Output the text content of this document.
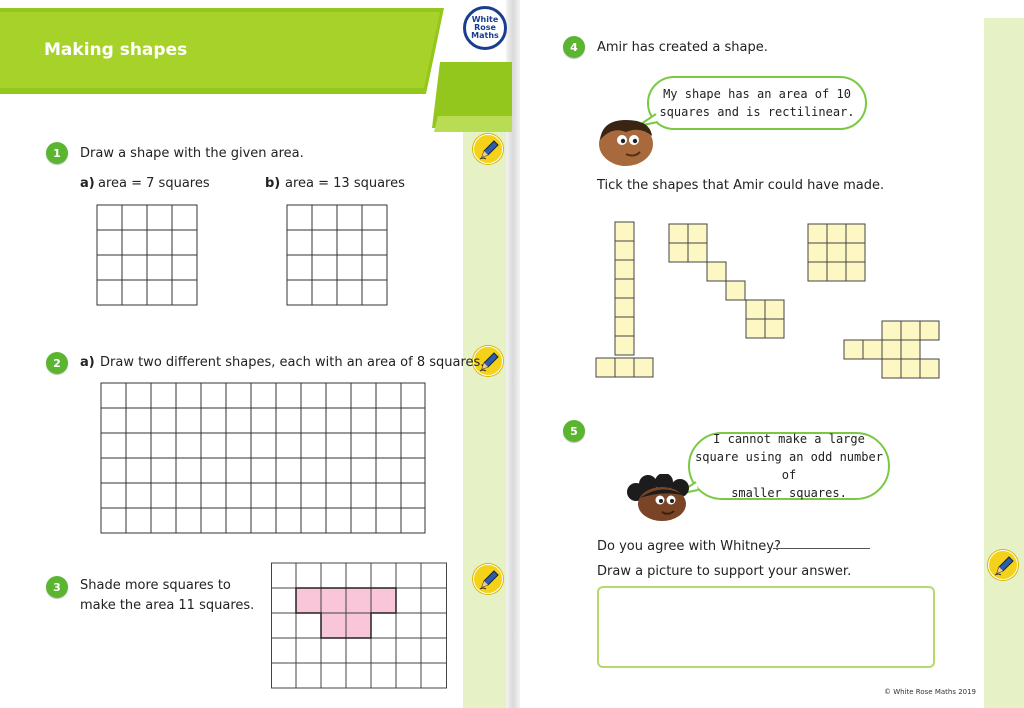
Making shapes
White
Rose
Maths
1	Draw a shape with the given area.
a) area = 7 squares	b) area = 13 squares
2	a) Draw two different shapes, each with an area of 8 squares.
3	Shade more squares to
make the area 11 squares.
4	Amir has created a shape.
My shape has an area of 10
squares and is rectilinear.
Tick the shapes that Amir could have made.
5
I cannot make a large
square using an odd number of
smaller squares.
Do you agree with Whitney?
Draw a picture to support your answer.
© White Rose Maths 2019
